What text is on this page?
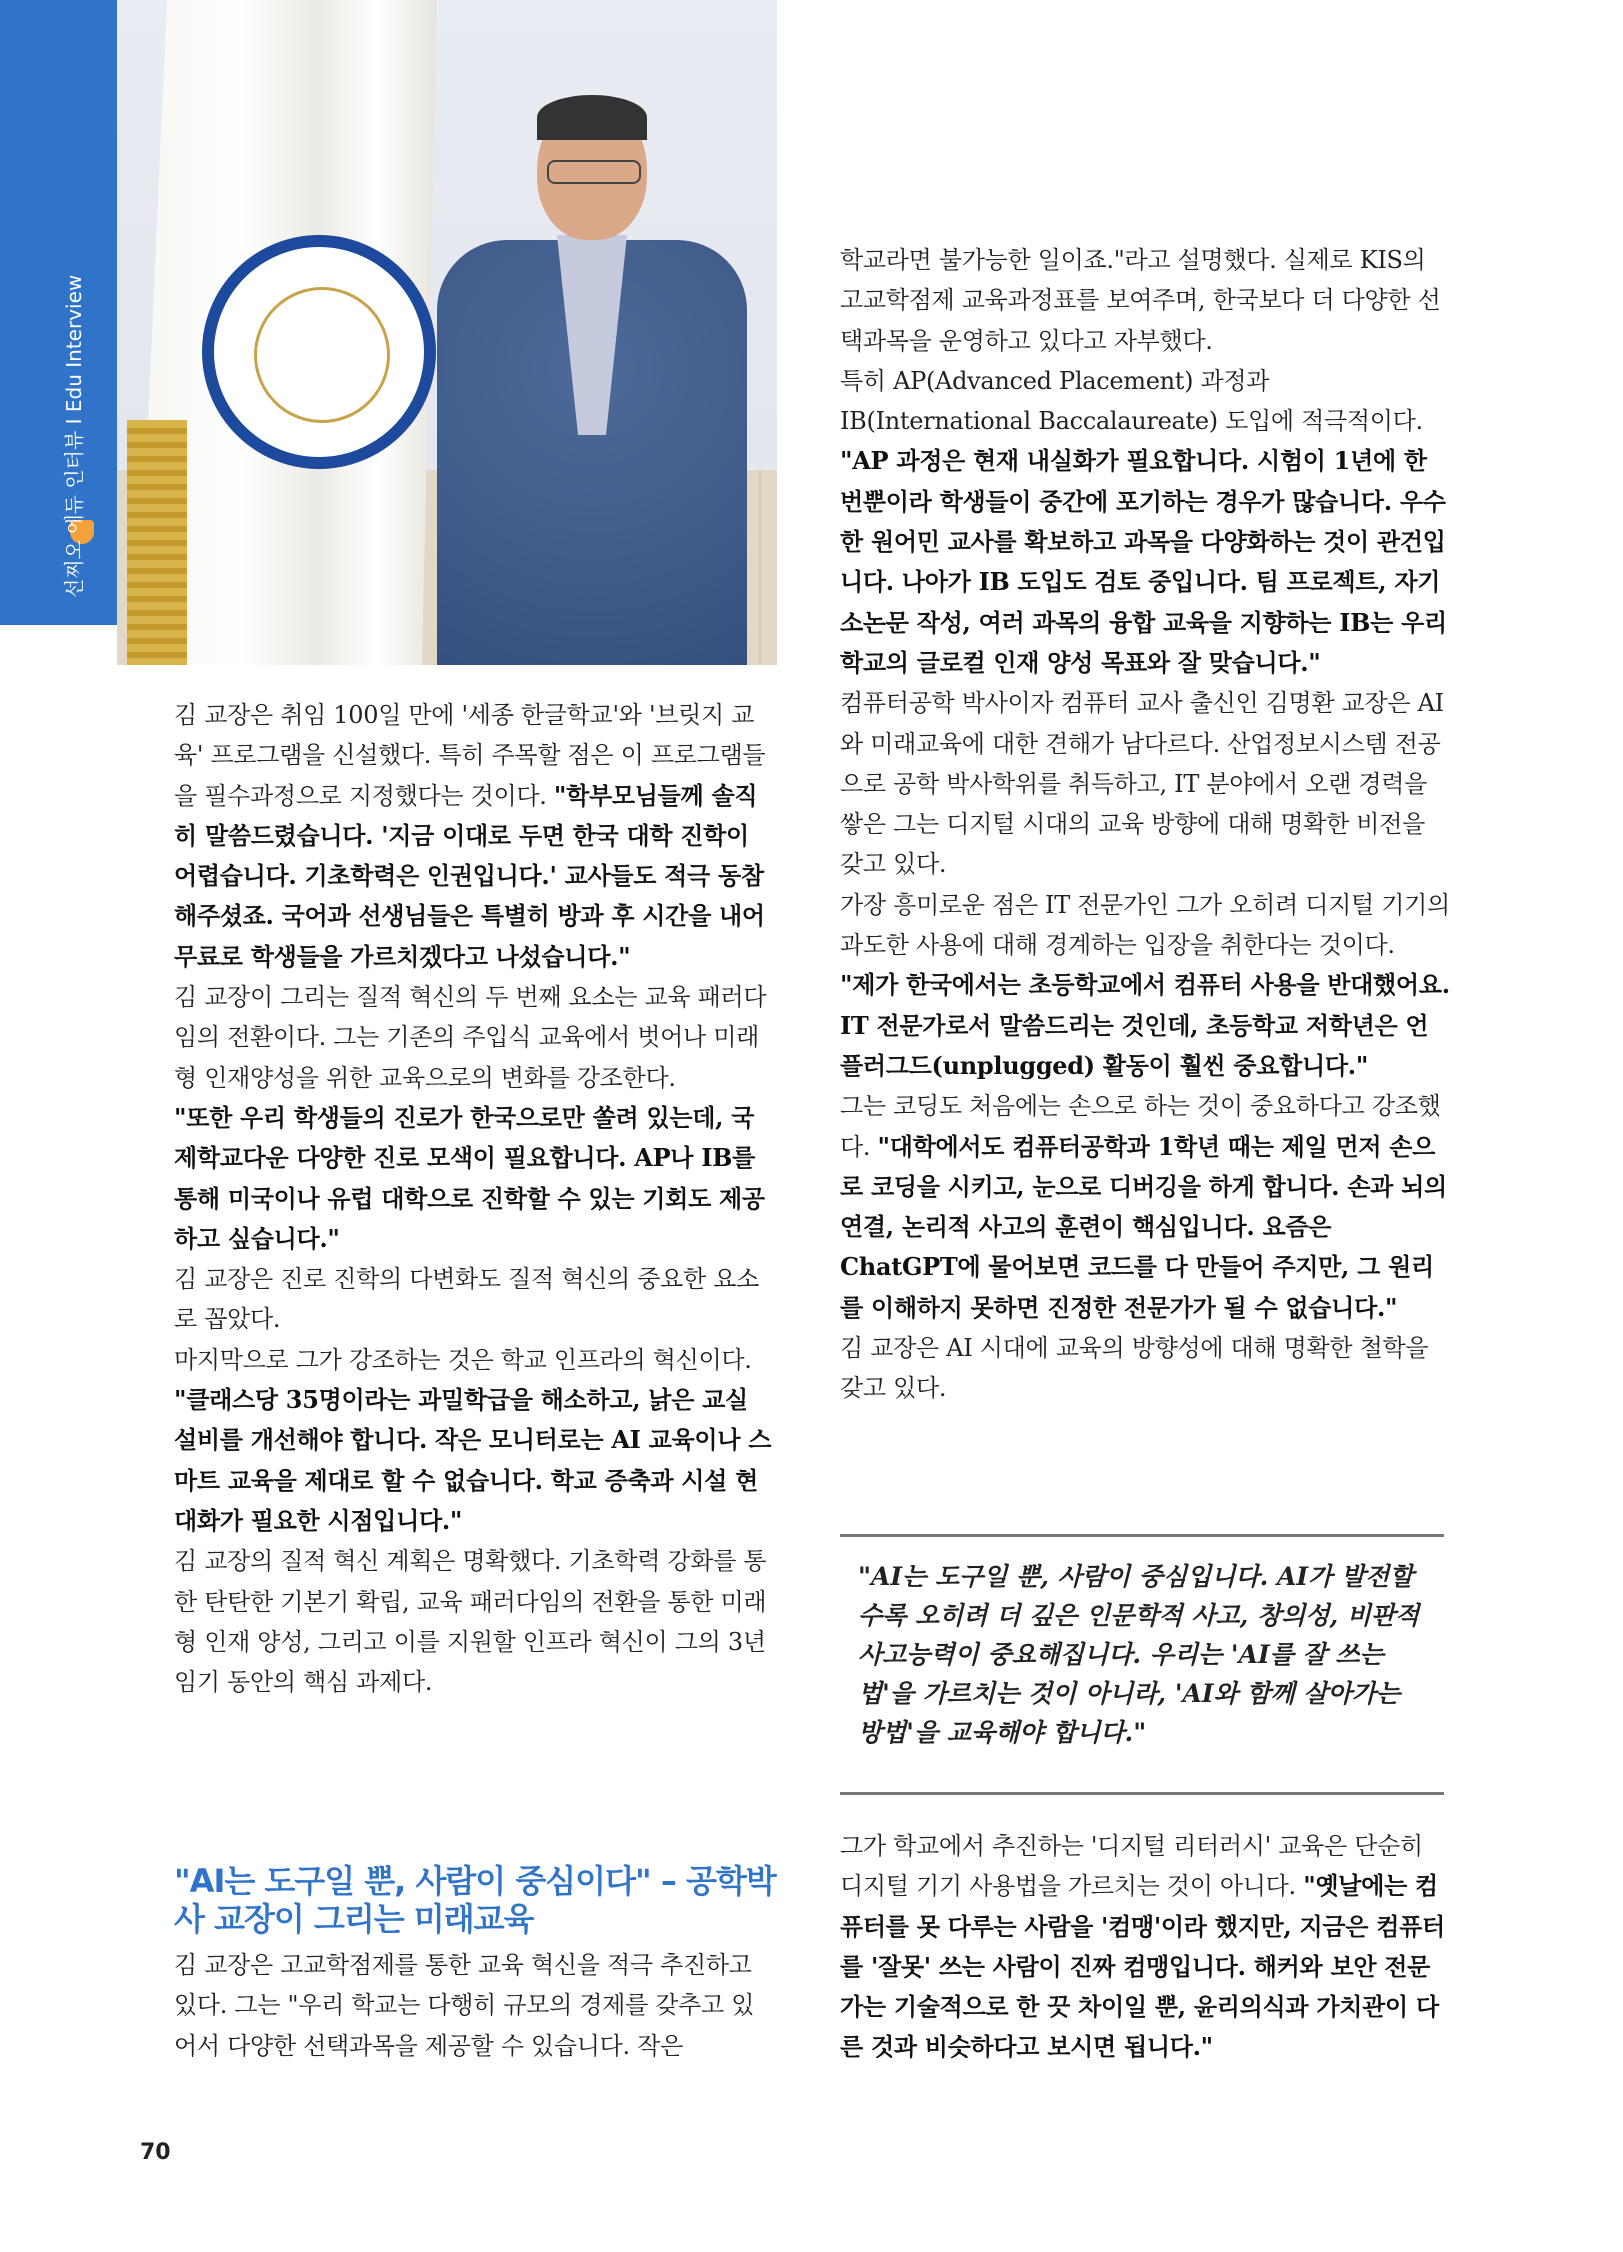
선찌오 에듀 인터뷰 I Edu Interview

김 교장은 취임 100일 만에 '세종 한글학교'와 '브릿지 교육' 프로그램을 신설했다. 특히 주목할 점은 이 프로그램들을 필수과정으로 지정했다는 것이다. "학부모님들께 솔직히 말씀드렸습니다. '지금 이대로 두면 한국 대학 진학이 어렵습니다. 기초학력은 인권입니다.' 교사들도 적극 동참해주셨죠. 국어과 선생님들은 특별히 방과 후 시간을 내어 무료로 학생들을 가르치겠다고 나섰습니다."

김 교장이 그리는 질적 혁신의 두 번째 요소는 교육 패러다임의 전환이다. 그는 기존의 주입식 교육에서 벗어나 미래형 인재양성을 위한 교육으로의 변화를 강조한다.

"또한 우리 학생들의 진로가 한국으로만 쏠려 있는데, 국제학교다운 다양한 진로 모색이 필요합니다. AP나 IB를 통해 미국이나 유럽 대학으로 진학할 수 있는 기회도 제공하고 싶습니다."

김 교장은 진로 진학의 다변화도 질적 혁신의 중요한 요소로 꼽았다.

마지막으로 그가 강조하는 것은 학교 인프라의 혁신이다.

"클래스당 35명이라는 과밀학급을 해소하고, 낡은 교실 설비를 개선해야 합니다. 작은 모니터로는 AI 교육이나 스마트 교육을 제대로 할 수 없습니다. 학교 증축과 시설 현대화가 필요한 시점입니다."

김 교장의 질적 혁신 계획은 명확했다. 기초학력 강화를 통한 탄탄한 기본기 확립, 교육 패러다임의 전환을 통한 미래형 인재 양성, 그리고 이를 지원할 인프라 혁신이 그의 3년 임기 동안의 핵심 과제다.

"AI는 도구일 뿐, 사람이 중심이다" – 공학박사 교장이 그리는 미래교육

김 교장은 고교학점제를 통한 교육 혁신을 적극 추진하고 있다. 그는 "우리 학교는 다행히 규모의 경제를 갖추고 있어서 다양한 선택과목을 제공할 수 있습니다. 작은

학교라면 불가능한 일이죠."라고 설명했다. 실제로 KIS의 고교학점제 교육과정표를 보여주며, 한국보다 더 다양한 선택과목을 운영하고 있다고 자부했다.

특히 AP(Advanced Placement) 과정과 IB(International Baccalaureate) 도입에 적극적이다. "AP 과정은 현재 내실화가 필요합니다. 시험이 1년에 한 번뿐이라 학생들이 중간에 포기하는 경우가 많습니다. 우수한 원어민 교사를 확보하고 과목을 다양화하는 것이 관건입니다. 나아가 IB 도입도 검토 중입니다. 팀 프로젝트, 자기 소논문 작성, 여러 과목의 융합 교육을 지향하는 IB는 우리 학교의 글로컬 인재 양성 목표와 잘 맞습니다."

컴퓨터공학 박사이자 컴퓨터 교사 출신인 김명환 교장은 AI와 미래교육에 대한 견해가 남다르다. 산업정보시스템 전공으로 공학 박사학위를 취득하고, IT 분야에서 오랜 경력을 쌓은 그는 디지털 시대의 교육 방향에 대해 명확한 비전을 갖고 있다.

가장 흥미로운 점은 IT 전문가인 그가 오히려 디지털 기기의 과도한 사용에 대해 경계하는 입장을 취한다는 것이다.

"제가 한국에서는 초등학교에서 컴퓨터 사용을 반대했어요. IT 전문가로서 말씀드리는 것인데, 초등학교 저학년은 언플러그드(unplugged) 활동이 훨씬 중요합니다."

그는 코딩도 처음에는 손으로 하는 것이 중요하다고 강조했다. "대학에서도 컴퓨터공학과 1학년 때는 제일 먼저 손으로 코딩을 시키고, 눈으로 디버깅을 하게 합니다. 손과 뇌의 연결, 논리적 사고의 훈련이 핵심입니다. 요즘은 ChatGPT에 물어보면 코드를 다 만들어 주지만, 그 원리를 이해하지 못하면 진정한 전문가가 될 수 없습니다."

김 교장은 AI 시대에 교육의 방향성에 대해 명확한 철학을 갖고 있다.

"AI는 도구일 뿐, 사람이 중심입니다. AI가 발전할수록 오히려 더 깊은 인문학적 사고, 창의성, 비판적 사고능력이 중요해집니다. 우리는 'AI를 잘 쓰는 법'을 가르치는 것이 아니라, 'AI와 함께 살아가는 방법'을 교육해야 합니다."

그가 학교에서 추진하는 '디지털 리터러시' 교육은 단순히 디지털 기기 사용법을 가르치는 것이 아니다. "옛날에는 컴퓨터를 못 다루는 사람을 '컴맹'이라 했지만, 지금은 컴퓨터를 '잘못' 쓰는 사람이 진짜 컴맹입니다. 해커와 보안 전문가는 기술적으로 한 끗 차이일 뿐, 윤리의식과 가치관이 다른 것과 비슷하다고 보시면 됩니다."

70
